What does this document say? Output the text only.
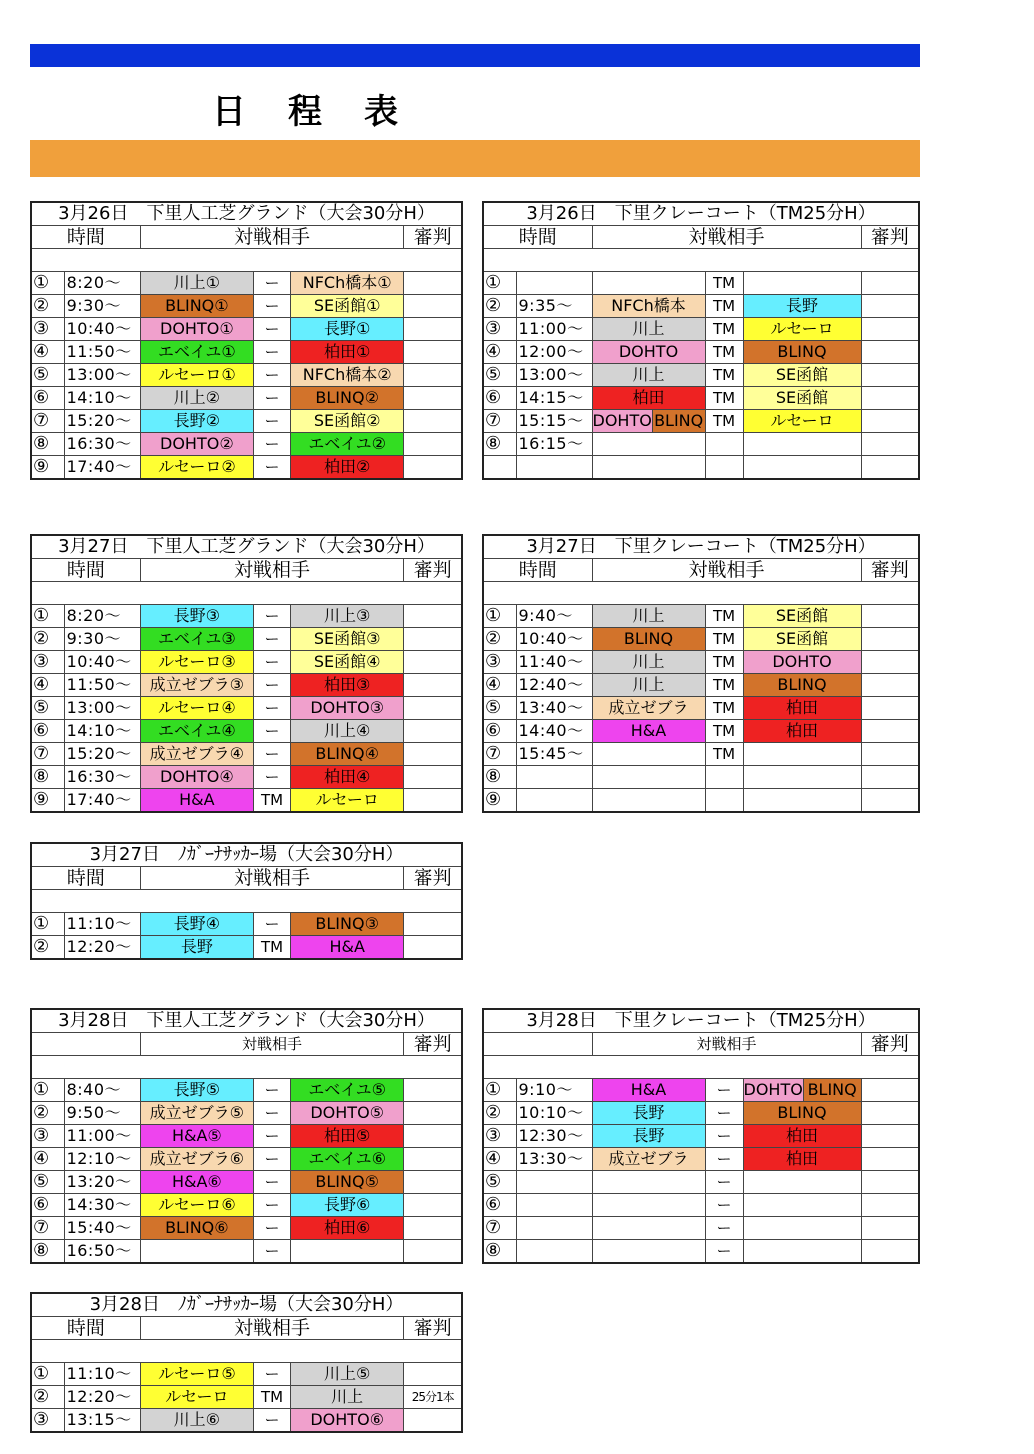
日　程　表
3月26日　下里人工芝グランド（大会30分H）					
時間		対戦相手			審判

①	8:20～	川上①	ー	NFCh橋本①	
②	9:30～	BLINQ①	ー	SE函館①	
③	10:40～	DOHTO①	ー	長野①	
④	11:50～	エベイユ①	ー	柏田①	
⑤	13:00～	ルセーロ①	ー	NFCh橋本②	
⑥	14:10～	川上②	ー	BLINQ②	
⑦	15:20～	長野②	ー	SE函館②	
⑧	16:30～	DOHTO②	ー	エベイユ②	
⑨	17:40～	ルセーロ②	ー	柏田②	
3月26日　下里クレーコート（TM25分H）					
時間		対戦相手			審判

①			TM		
②	9:35～	NFCh橋本	TM	長野	
③	11:00～	川上	TM	ルセーロ	
④	12:00～	DOHTO	TM	BLINQ	
⑤	13:00～	川上	TM	SE函館	
⑥	14:15～	柏田	TM	SE函館	
⑦	15:15～	DOHTO BLINQ	TM	ルセーロ	
⑧	16:15～				

3月27日　下里人工芝グランド（大会30分H）					
時間		対戦相手			審判

①	8:20～	長野③	ー	川上③	
②	9:30～	エベイユ③	ー	SE函館③	
③	10:40～	ルセーロ③	ー	SE函館④	
④	11:50～	成立ゼブラ③	ー	柏田③	
⑤	13:00～	ルセーロ④	ー	DOHTO③	
⑥	14:10～	エベイユ④	ー	川上④	
⑦	15:20～	成立ゼブラ④	ー	BLINQ④	
⑧	16:30～	DOHTO④	ー	柏田④	
⑨	17:40～	H&A	TM	ルセーロ	
3月27日　下里クレーコート（TM25分H）					
時間		対戦相手			審判

①	9:40～	川上	TM	SE函館	
②	10:40～	BLINQ	TM	SE函館	
③	11:40～	川上	TM	DOHTO	
④	12:40～	川上	TM	BLINQ	
⑤	13:40～	成立ゼブラ	TM	柏田	
⑥	14:40～	H&A	TM	柏田	
⑦	15:45～		TM		
⑧					
⑨					
3月27日　ﾉｶﾞｰﾅｻｯｶｰ場（大会30分H）					
時間		対戦相手			審判

①	11:10～	長野④	ー	BLINQ③	
②	12:20～	長野	TM	H&A	
3月28日　下里人工芝グランド（大会30分H）					
		対戦相手			審判

①	8:40～	長野⑤	ー	エベイユ⑤	
②	9:50～	成立ゼブラ⑤	ー	DOHTO⑤	
③	11:00～	H&A⑤	ー	柏田⑤	
④	12:10～	成立ゼブラ⑥	ー	エベイユ⑥	
⑤	13:20～	H&A⑥	ー	BLINQ⑤	
⑥	14:30～	ルセーロ⑥	ー	長野⑥	
⑦	15:40～	BLINQ⑥	ー	柏田⑥	
⑧	16:50～		ー		
3月28日　下里クレーコート（TM25分H）					
		対戦相手			審判

①	9:10～	H&A	ー	DOHTO BLINQ	

②	10:10～	長野	ー	BLINQ	
③	12:30～	長野	ー	柏田	
④	13:30～	成立ゼブラ	ー	柏田	
⑤			ー		
⑥			ー		
⑦			ー		
⑧			ー		
3月28日　ﾉｶﾞｰﾅｻｯｶｰ場（大会30分H）					
時間		対戦相手			審判

①	11:10～	ルセーロ⑤	ー	川上⑤	
②	12:20～	ルセーロ	TM	川上	25分1本
③	13:15～	川上⑥	ー	DOHTO⑥	
